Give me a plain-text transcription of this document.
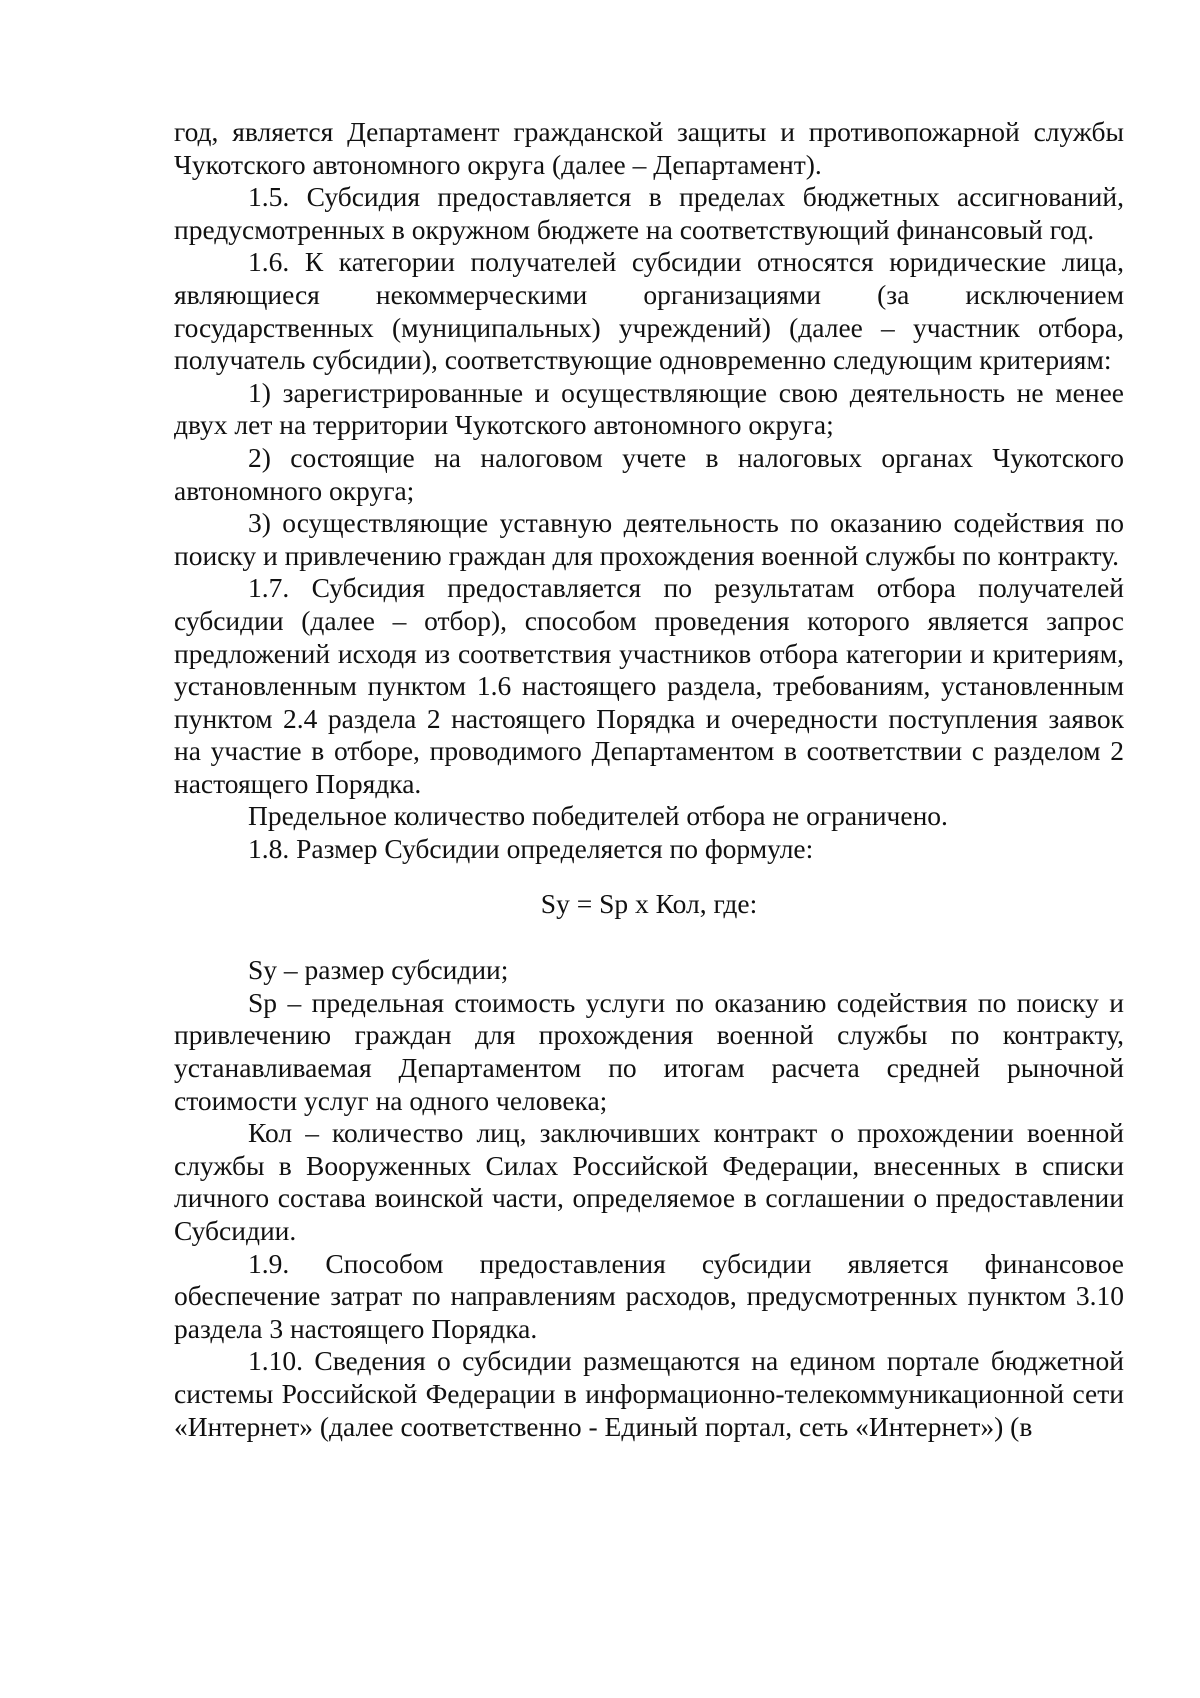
год, является Департамент гражданской защиты и противопожарной службы Чукотского автономного округа (далее – Департамент).

1.5. Субсидия предоставляется в пределах бюджетных ассигнований, предусмотренных в окружном бюджете на соответствующий финансовый год.

1.6. К категории получателей субсидии относятся юридические лица, являющиеся некоммерческими организациями (за исключением государственных (муниципальных) учреждений) (далее – участник отбора, получатель субсидии), соответствующие одновременно следующим критериям:

1) зарегистрированные и осуществляющие свою деятельность не менее двух лет на территории Чукотского автономного округа;

2) состоящие на налоговом учете в налоговых органах Чукотского автономного округа;

3) осуществляющие уставную деятельность по оказанию содействия по поиску и привлечению граждан для прохождения военной службы по контракту.

1.7. Субсидия предоставляется по результатам отбора получателей субсидии (далее – отбор), способом проведения которого является запрос предложений исходя из соответствия участников отбора категории и критериям, установленным пунктом 1.6 настоящего раздела, требованиям, установленным пунктом 2.4 раздела 2 настоящего Порядка и очередности поступления заявок на участие в отборе, проводимого Департаментом в соответствии с разделом 2 настоящего Порядка.

Предельное количество победителей отбора не ограничено.

1.8. Размер Субсидии определяется по формуле:

Sy = Sp x Кол, где:

Sy – размер субсидии;

Sp – предельная стоимость услуги по оказанию содействия по поиску и привлечению граждан для прохождения военной службы по контракту, устанавливаемая Департаментом по итогам расчета средней рыночной стоимости услуг на одного человека;

Кол – количество лиц, заключивших контракт о прохождении военной службы в Вооруженных Силах Российской Федерации, внесенных в списки личного состава воинской части, определяемое в соглашении о предоставлении Субсидии.

1.9. Способом предоставления субсидии является финансовое обеспечение затрат по направлениям расходов, предусмотренных пунктом 3.10 раздела 3 настоящего Порядка.

1.10. Сведения о субсидии размещаются на едином портале бюджетной системы Российской Федерации в информационно-телекоммуникационной сети «Интернет» (далее соответственно - Единый портал, сеть «Интернет») (в
